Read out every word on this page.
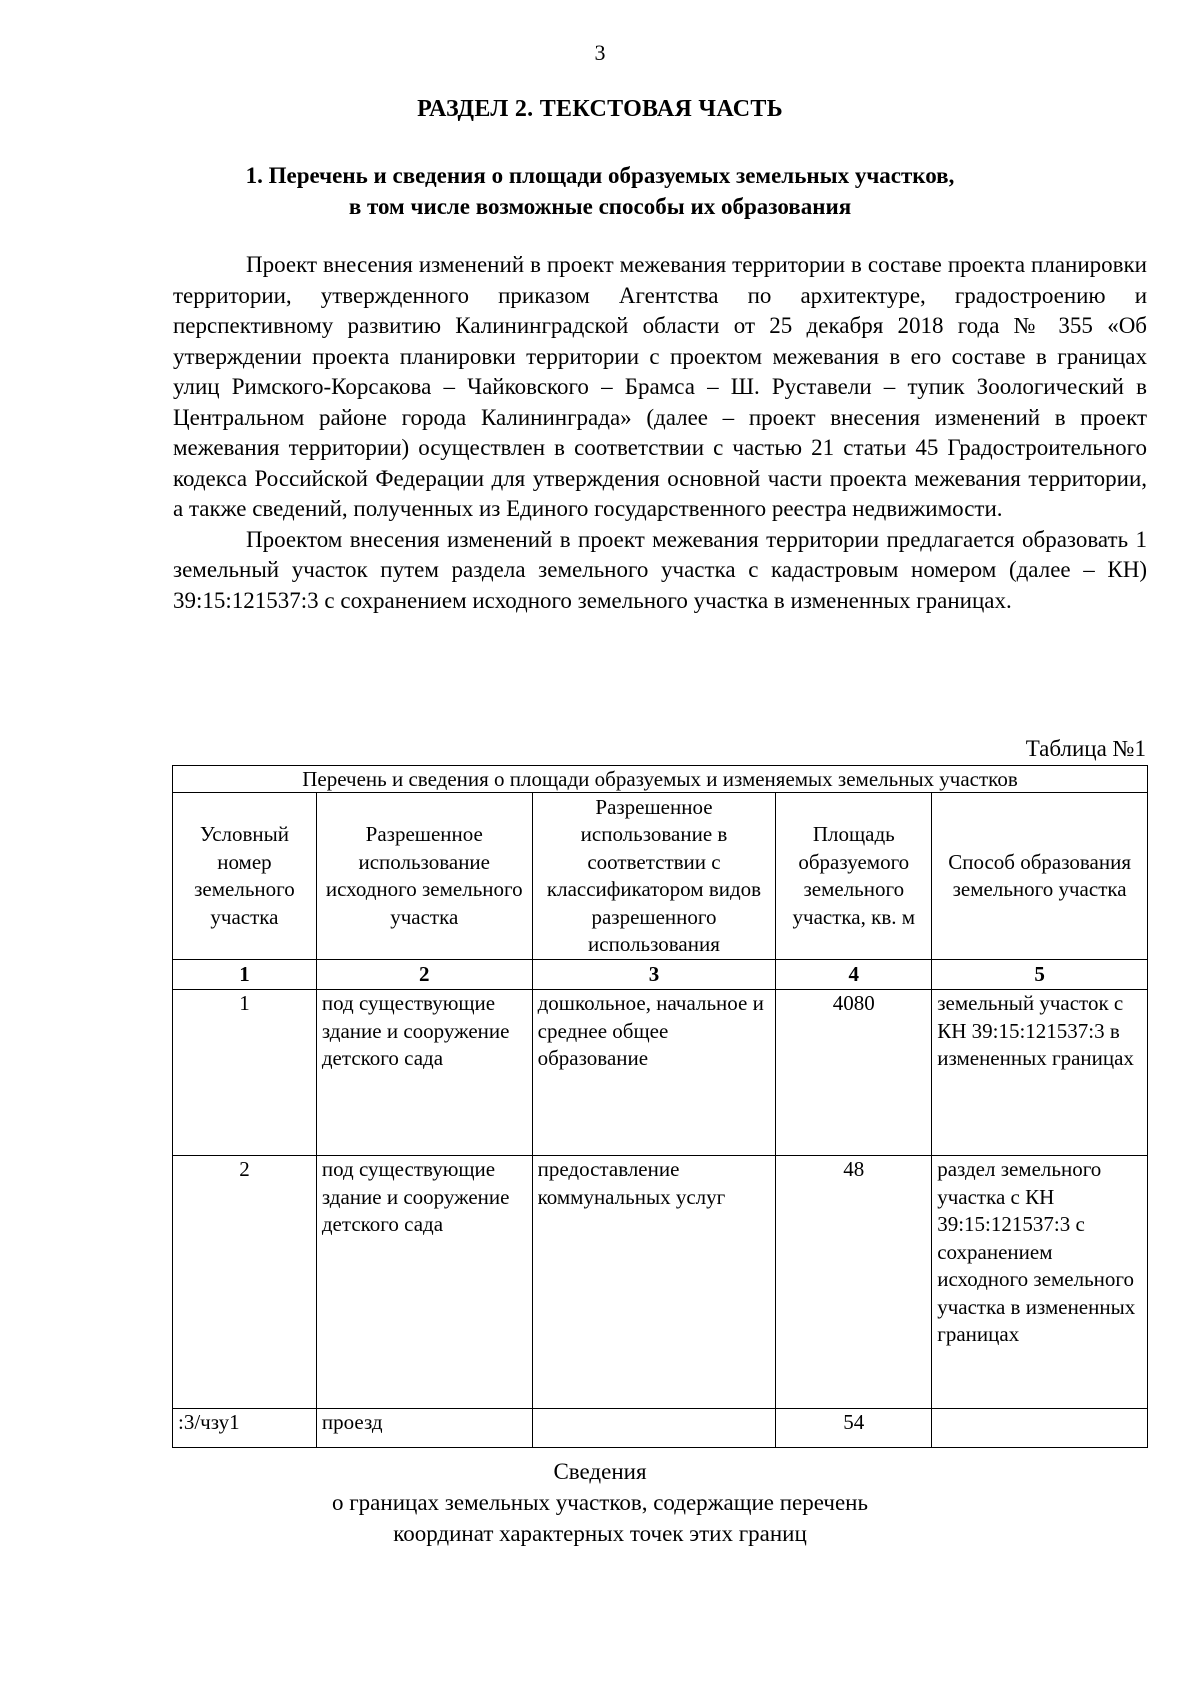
3
РАЗДЕЛ 2. ТЕКСТОВАЯ ЧАСТЬ
1. Перечень и сведения о площади образуемых земельных участков,
в том числе возможные способы их образования

Проект внесения изменений в проект межевания территории в составе проекта планировки территории, утвержденного приказом Агентства по архитектуре, градостроению и перспективному развитию Калининградской области от 25 декабря 2018 года № 355 «Об утверждении проекта планировки территории с проектом межевания в его составе в границах улиц Римского-Корсакова – Чайковского – Брамса – Ш. Руставели – тупик Зоологический в Центральном районе города Калининграда» (далее – проект внесения изменений в проект межевания территории) осуществлен в соответствии с частью 21 статьи 45 Градостроительного кодекса Российской Федерации для утверждения основной части проекта межевания территории, а также сведений, полученных из Единого государственного реестра недвижимости.

Проектом внесения изменений в проект межевания территории предлагается образовать 1 земельный участок путем раздела земельного участка с кадастровым номером (далее – КН) 39:15:121537:3 с сохранением исходного земельного участка в измененных границах.

Таблица №1
Перечень и сведения о площади образуемых и изменяемых земельных участков				
Условный номер земельного участка	Разрешенное использование исходного земельного участка	Разрешенное использование в соответствии с классификатором видов разрешенного использования	Площадь образуемого земельного участка, кв. м	Способ образования земельного участка
1	2	3	4	5
1	под существующие здание и сооружение детского сада	дошкольное, начальное и среднее общее образование	4080	земельный участок с КН 39:15:121537:3 в измененных границах
2	под существующие здание и сооружение детского сада	предоставление коммунальных услуг	48	раздел земельного участка с КН 39:15:121537:3 с сохранением исходного земельного участка в измененных границах
:3/чзу1	проезд		54	
Сведения
о границах земельных участков, содержащие перечень
координат характерных точек этих границ
